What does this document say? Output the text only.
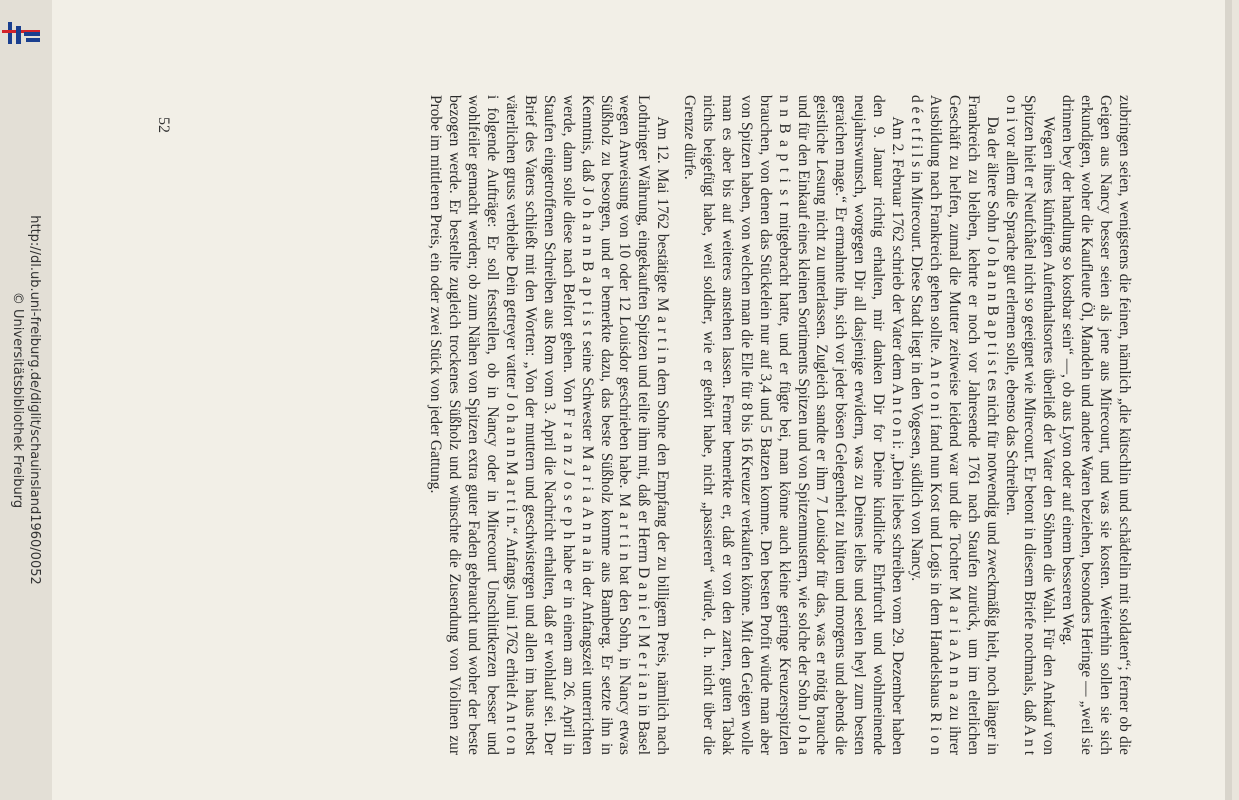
http://dl.ub.uni-freiburg.de/diglit/schauinsland1960/0052
© Universitätsbibliothek Freiburg
52	zubringen seien, wenigstens die feinen, nämlich „die kütschlin und schädtelin mit soldaten“; ferner ob die Geigen aus Nancy besser seien als jene aus Mirecourt, und was sie kosten. Weiterhin sollen sie sich erkundigen, woher die Kaufleute Öl, Mandeln und andere Waren beziehen, besonders Heringe — „weil sie drinnen bey der handlung so kostbar sein“ —, ob aus Lyon oder auf einem besseren Weg.

Wegen ihres künftigen Aufenthaltsortes überließ der Vater den Söhnen die Wahl. Für den Ankauf von Spitzen hielt er Neufchâtel nicht so geeignet wie Mirecourt. Er betont in diesem Briefe nochmals, daß A n t o n i vor allem die Sprache gut erlernen solle, ebenso das Schreiben.

Da der ältere Sohn J o h a n n B a p t i s t es nicht für notwendig und zweckmäßig hielt, noch länger in Frankreich zu bleiben, kehrte er noch vor Jahresende 1761 nach Staufen zurück, um im elterlichen Geschäft zu helfen, zumal die Mutter zeitweise leidend war und die Tochter M a r i a A n n a zu ihrer Ausbildung nach Frankreich gehen sollte. A n t o n i fand nun Kost und Logis in dem Handelshaus R i o n d é e t f i l s in Mirecourt. Diese Stadt liegt in den Vogesen, südlich von Nancy.

Am 2. Februar 1762 schrieb der Vater dem A n t o n i: „Dein liebes schreiben vom 29. Dezember haben den 9. Januar richtig erhalten, mir danken Dir for Deine kindliche Ehrfurcht und wohlmeinende neujahrswunsch, worgegen Dir all dasjenige erwidern, was zu Deines leibs und seelen heyl zum besten geraichen mage.“ Er ermahnte ihn, sich vor jeder bösen Gelegenheit zu hüten und morgens und abends die geistliche Lesung nicht zu unterlassen. Zugleich sandte er ihm 7 Louisdor für das, was er nötig brauche und für den Einkauf eines kleinen Sortiments Spitzen und von Spitzenmustern, wie solche der Sohn J o h a n n B a p t i s t mitgebracht hatte, und er fügte bei, man könne auch kleine geringe Kreuzerspitzlen brauchen, von denen das Stückelein nur auf 3,4 und 5 Batzen komme. Den besten Profit würde man aber von Spitzen haben, von welchen man die Elle für 8 bis 16 Kreuzer verkaufen könne. Mit den Geigen wolle man es aber bis auf weiteres anstehen lassen. Ferner bemerkte er, daß er von den zarten, guten Tabak nichts beigefügt habe, weil soldher, wie er gehört habe, nicht „passieren“ würde, d. h. nicht über die Grenze dürfe.

Am 12. Mai 1762 bestätigte M a r t i n dem Sohne den Empfang der zu billigem Preis, nämlich nach Lothringer Währung, eingekauften Spitzen und teilte ihm mit, daß er Herrn D a n i e l M e r i a n in Basel wegen Anweisung von 10 oder 12 Louisdor geschrieben habe. M a r t i n bat den Sohn, in Nancy etwas Süßholz zu besorgen, und er bemerkte dazu, das beste Süßholz komme aus Bamberg. Er setzte ihn in Kenntnis, daß J o h a n n B a p t i s t seine Schwester M a r i a A n n a in der Anfangszeit unterrichten werde, dann solle diese nach Belfort gehen. Von F r a n z J o s e p h habe er in einem am 26. April in Staufen eingetroffenen Schreiben aus Rom vom 3. April die Nachricht erhalten, daß er wohlauf sei. Der Brief des Vaters schließt mit den Worten: „Von der muttern und geschwistergen und allen im haus nebst väterlichen gruss verbleibe Dein getreyer vatter J o h a n n M a r t i n.“ Anfangs Juni 1762 erhielt A n t o n i folgende Aufträge: Er soll feststellen, ob in Nancy oder in Mirecourt Unschlittkerzen besser und wohlfeiler gemacht werden; ob zum Nähen von Spitzen extra guter Faden gebraucht und woher der beste bezogen werde. Er bestellte zugleich trockenes Süßholz und wünschte die Zusendung von Violinen zur Probe im mittleren Preis, ein oder zwei Stück von jeder Gattung.
